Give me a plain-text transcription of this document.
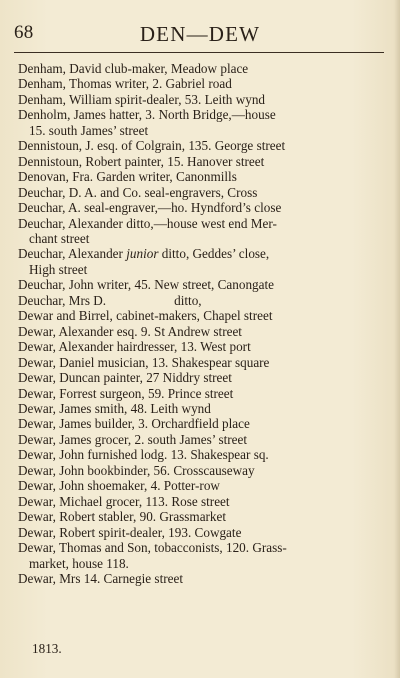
68	DEN—DEW
Denham, David club-maker, Meadow place
Denham, Thomas writer, 2. Gabriel road
Denham, William spirit-dealer, 53. Leith wynd
Denholm, James hatter, 3. North Bridge,—house
15. south James’ street
Dennistoun, J. esq. of Colgrain, 135. George street
Dennistoun, Robert painter, 15. Hanover street
Denovan, Fra. Garden writer, Canonmills
Deuchar, D. A. and Co. seal-engravers, Cross
Deuchar, A. seal-engraver,—ho. Hyndford’s close
Deuchar, Alexander ditto,—house west end Mer-
chant street
Deuchar, Alexander junior ditto, Geddes’ close,
High street
Deuchar, John writer, 45. New street, Canongate
Deuchar, Mrs D.	ditto,
Dewar and Birrel, cabinet-makers, Chapel street
Dewar, Alexander esq. 9. St Andrew street
Dewar, Alexander hairdresser, 13. West port
Dewar, Daniel musician, 13. Shakespear square
Dewar, Duncan painter, 27 Niddry street
Dewar, Forrest surgeon, 59. Prince street
Dewar, James smith, 48. Leith wynd
Dewar, James builder, 3. Orchardfield place
Dewar, James grocer, 2. south James’ street
Dewar, John furnished lodg. 13. Shakespear sq.
Dewar, John bookbinder, 56. Crosscauseway
Dewar, John shoemaker, 4. Potter-row
Dewar, Michael grocer, 113. Rose street
Dewar, Robert stabler, 90. Grassmarket
Dewar, Robert spirit-dealer, 193. Cowgate
Dewar, Thomas and Son, tobacconists, 120. Grass-
market, house 118.
Dewar, Mrs 14. Carnegie street
1813.
